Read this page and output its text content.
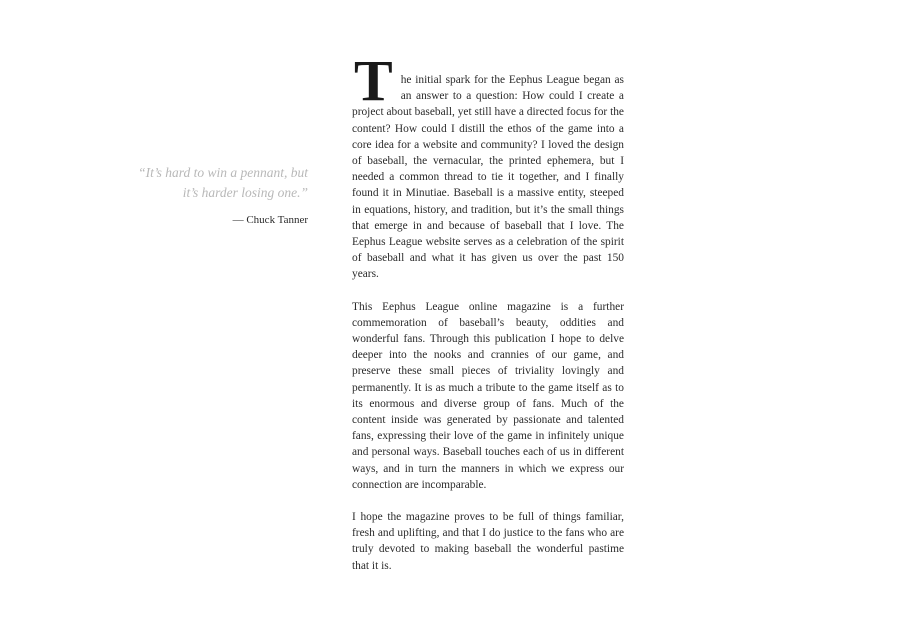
“It’s hard to win a pennant, but it’s harder losing one.”

— Chuck Tanner

The initial spark for the Eephus League began as an answer to a question: How could I create a project about baseball, yet still have a directed focus for the content? How could I distill the ethos of the game into a core idea for a website and community? I loved the design of baseball, the vernacular, the printed ephemera, but I needed a common thread to tie it together, and I finally found it in Minutiae. Baseball is a massive entity, steeped in equations, history, and tradition, but it’s the small things that emerge in and because of baseball that I love. The Eephus League website serves as a celebration of the spirit of baseball and what it has given us over the past 150 years.

This Eephus League online magazine is a further commemoration of baseball’s beauty, oddities and wonderful fans. Through this publication I hope to delve deeper into the nooks and crannies of our game, and preserve these small pieces of triviality lovingly and permanently. It is as much a tribute to the game itself as to its enormous and diverse group of fans. Much of the content inside was generated by passionate and talented fans, expressing their love of the game in infinitely unique and personal ways. Baseball touches each of us in different ways, and in turn the manners in which we express our connection are incomparable.

I hope the magazine proves to be full of things familiar, fresh and uplifting, and that I do justice to the fans who are truly devoted to making baseball the wonderful pastime that it is.
